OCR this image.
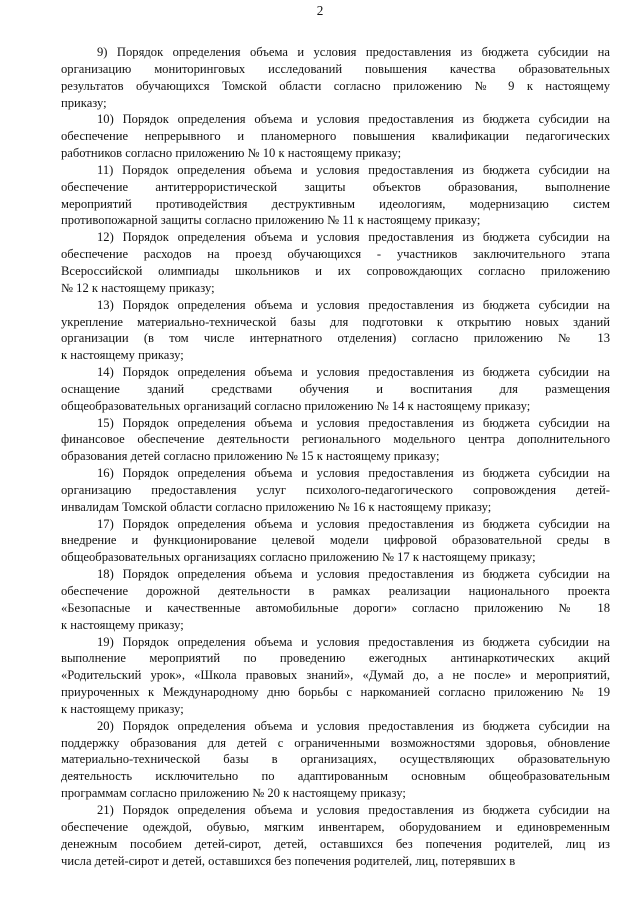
2
9) Порядок определения объема и условия предоставления из бюджета субсидии на
организацию мониторинговых исследований повышения качества образовательных
результатов обучающихся Томской области согласно приложению № 9 к настоящему
приказу;
10) Порядок определения объема и условия предоставления из бюджета субсидии на
обеспечение непрерывного и планомерного повышения квалификации педагогических
работников согласно приложению № 10 к настоящему приказу;
11) Порядок определения объема и условия предоставления из бюджета субсидии на
обеспечение антитеррористической защиты объектов образования, выполнение
мероприятий противодействия деструктивным идеологиям, модернизацию систем
противопожарной защиты согласно приложению № 11 к настоящему приказу;
12) Порядок определения объема и условия предоставления из бюджета субсидии на
обеспечение расходов на проезд обучающихся - участников заключительного этапа
Всероссийской олимпиады школьников и их сопровождающих согласно приложению
№ 12 к настоящему приказу;
13) Порядок определения объема и условия предоставления из бюджета субсидии на
укрепление материально-технической базы для подготовки к открытию новых зданий
организации (в том числе интернатного отделения) согласно приложению № 13
к настоящему приказу;
14) Порядок определения объема и условия предоставления из бюджета субсидии на
оснащение зданий средствами обучения и воспитания для размещения
общеобразовательных организаций согласно приложению № 14 к настоящему приказу;
15) Порядок определения объема и условия предоставления из бюджета субсидии на
финансовое обеспечение деятельности регионального модельного центра дополнительного
образования детей согласно приложению № 15 к настоящему приказу;
16) Порядок определения объема и условия предоставления из бюджета субсидии на
организацию предоставления услуг психолого-педагогического сопровождения детей-
инвалидам Томской области согласно приложению № 16 к настоящему приказу;
17) Порядок определения объема и условия предоставления из бюджета субсидии на
внедрение и функционирование целевой модели цифровой образовательной среды в
общеобразовательных организациях согласно приложению № 17 к настоящему приказу;
18) Порядок определения объема и условия предоставления из бюджета субсидии на
обеспечение дорожной деятельности в рамках реализации национального проекта
«Безопасные и качественные автомобильные дороги» согласно приложению № 18
к настоящему приказу;
19) Порядок определения объема и условия предоставления из бюджета субсидии на
выполнение мероприятий по проведению ежегодных антинаркотических акций
«Родительский урок», «Школа правовых знаний», «Думай до, а не после» и мероприятий,
приуроченных к Международному дню борьбы с наркоманией согласно приложению № 19
к настоящему приказу;
20) Порядок определения объема и условия предоставления из бюджета субсидии на
поддержку образования для детей с ограниченными возможностями здоровья, обновление
материально-технической базы в организациях, осуществляющих образовательную
деятельность исключительно по адаптированным основным общеобразовательным
программам согласно приложению № 20 к настоящему приказу;
21) Порядок определения объема и условия предоставления из бюджета субсидии на
обеспечение одеждой, обувью, мягким инвентарем, оборудованием и единовременным
денежным пособием детей-сирот, детей, оставшихся без попечения родителей, лиц из
числа детей-сирот и детей, оставшихся без попечения родителей, лиц, потерявших в
